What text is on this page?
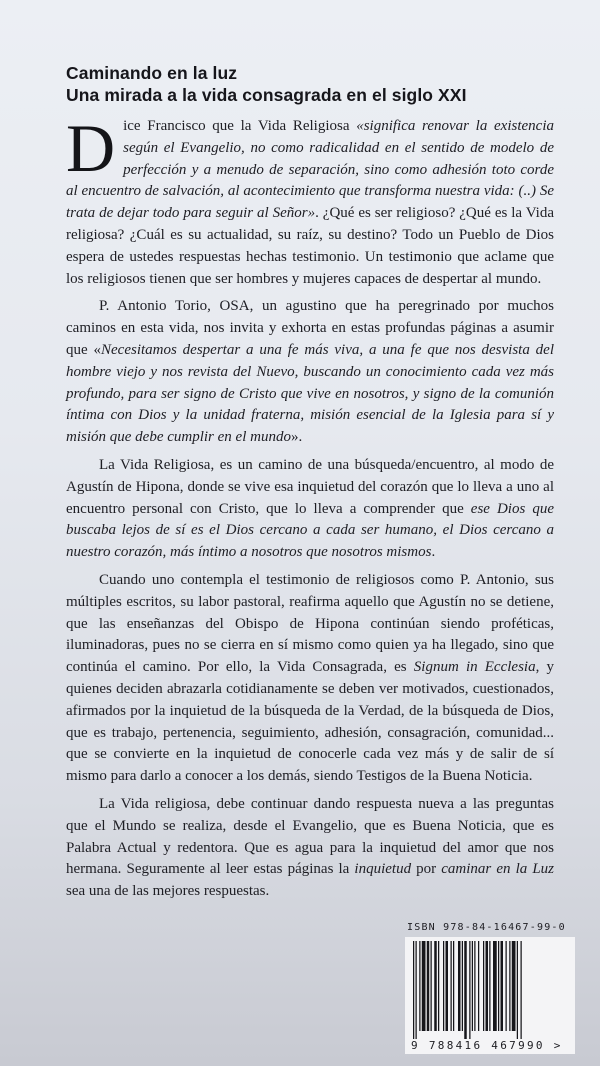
Caminando en la luz
Una mirada a la vida consagrada en el siglo XXI

Dice Francisco que la Vida Religiosa «significa renovar la existencia según el Evangelio, no como radicalidad en el sentido de modelo de perfección y a menudo de separación, sino como adhesión toto corde al encuentro de salvación, al acontecimiento que transforma nuestra vida: (..) Se trata de dejar todo para seguir al Señor». ¿Qué es ser religioso? ¿Qué es la Vida religiosa? ¿Cuál es su actualidad, su raíz, su destino? Todo un Pueblo de Dios espera de ustedes respuestas hechas testimonio. Un testimonio que aclame que los religiosos tienen que ser hombres y mujeres capaces de despertar al mundo.

P. Antonio Torio, OSA, un agustino que ha peregrinado por muchos caminos en esta vida, nos invita y exhorta en estas profundas páginas a asumir que «Necesitamos despertar a una fe más viva, a una fe que nos desvista del hombre viejo y nos revista del Nuevo, buscando un conocimiento cada vez más profundo, para ser signo de Cristo que vive en nosotros, y signo de la comunión íntima con Dios y la unidad fraterna, misión esencial de la Iglesia para sí y misión que debe cumplir en el mundo».

La Vida Religiosa, es un camino de una búsqueda/encuentro, al modo de Agustín de Hipona, donde se vive esa inquietud del corazón que lo lleva a uno al encuentro personal con Cristo, que lo lleva a comprender que ese Dios que buscaba lejos de sí es el Dios cercano a cada ser humano, el Dios cercano a nuestro corazón, más íntimo a nosotros que nosotros mismos.

Cuando uno contempla el testimonio de religiosos como P. Antonio, sus múltiples escritos, su labor pastoral, reafirma aquello que Agustín no se detiene, que las enseñanzas del Obispo de Hipona continúan siendo proféticas, iluminadoras, pues no se cierra en sí mismo como quien ya ha llegado, sino que continúa el camino. Por ello, la Vida Consagrada, es Signum in Ecclesia, y quienes deciden abrazarla cotidianamente se deben ver motivados, cuestionados, afirmados por la inquietud de la búsqueda de la Verdad, de la búsqueda de Dios, que es trabajo, pertenencia, seguimiento, adhesión, consagración, comunidad... que se convierte en la inquietud de conocerle cada vez más y de salir de sí mismo para darlo a conocer a los demás, siendo Testigos de la Buena Noticia.

La Vida religiosa, debe continuar dando respuesta nueva a las preguntas que el Mundo se realiza, desde el Evangelio, que es Buena Noticia, que es Palabra Actual y redentora. Que es agua para la inquietud del amor que nos hermana. Seguramente al leer estas páginas la inquietud por caminar en la Luz sea una de las mejores respuestas.

ISBN 978-84-16467-99-0
9 788416 467990 >
